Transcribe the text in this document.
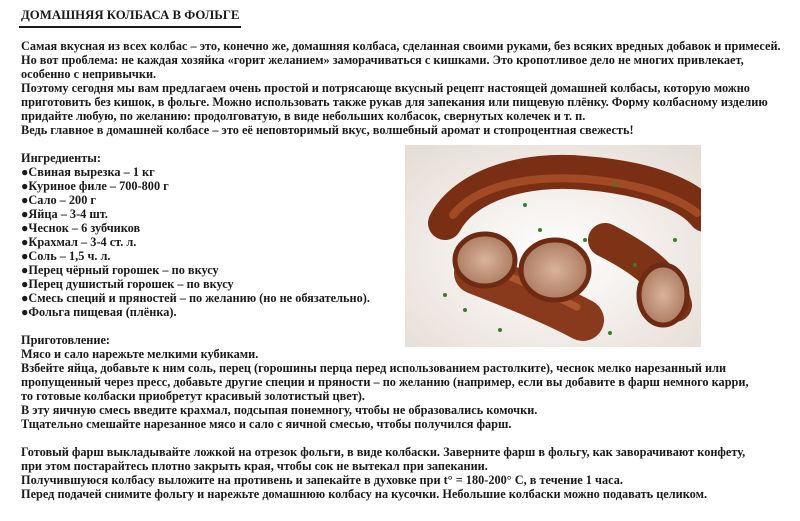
ДОМАШНЯЯ КОЛБАСА В ФОЛЬГЕ
Самая вкусная из всех колбас – это, конечно же, домашняя колбаса, сделанная своими руками, без всяких вредных добавок и примесей.
Но вот проблема: не каждая хозяйка «горит желанием» заморачиваться с кишками. Это кропотливое дело не многих привлекает,
особенно с непривычки.
Поэтому сегодня мы вам предлагаем очень простой и потрясающе вкусный рецепт настоящей домашней колбасы, которую можно
приготовить без кишок, в фольге. Можно использовать также рукав для запекания или пищевую плёнку. Форму колбасному изделию
придайте любую, по желанию: продолговатую, в виде небольших колбасок, свернутых колечек и т. п.
Ведь главное в домашней колбасе – это её неповторимый вкус, волшебный аромат и стопроцентная свежесть!
Ингредиенты:
●Свиная вырезка – 1 кг
●Куриное филе – 700-800 г
●Сало – 200 г
●Яйца – 3-4 шт.
●Чеснок – 6 зубчиков
●Крахмал – 3-4 ст. л.
●Соль – 1,5 ч. л.
●Перец чёрный горошек – по вкусу
●Перец душистый горошек – по вкусу
●Смесь специй и пряностей – по желанию (но не обязательно).
●Фольга пищевая (плёнка).
Приготовление:
Мясо и сало нарежьте мелкими кубиками.
Взбейте яйца, добавьте к ним соль, перец (горошины перца перед использованием растолките), чеснок мелко нарезанный или
пропущенный через пресс, добавьте другие специи и пряности – по желанию (например, если вы добавите в фарш немного карри,
то готовые колбаски приобретут красивый золотистый цвет).
В эту яичную смесь введите крахмал, подсыпая понемногу, чтобы не образовались комочки.
Тщательно смешайте нарезанное мясо и сало с яичной смесью, чтобы получился фарш.
Готовый фарш выкладывайте ложкой на отрезок фольги, в виде колбаски. Заверните фарш в фольгу, как заворачивают конфету,
при этом постарайтесь плотно закрыть края, чтобы сок не вытекал при запекании.
Получившуюся колбасу выложите на противень и запекайте в духовке при t° = 180-200° С, в течение 1 часа.
Перед подачей снимите фольгу и нарежьте домашнюю колбасу на кусочки. Небольшие колбаски можно подавать целиком.
